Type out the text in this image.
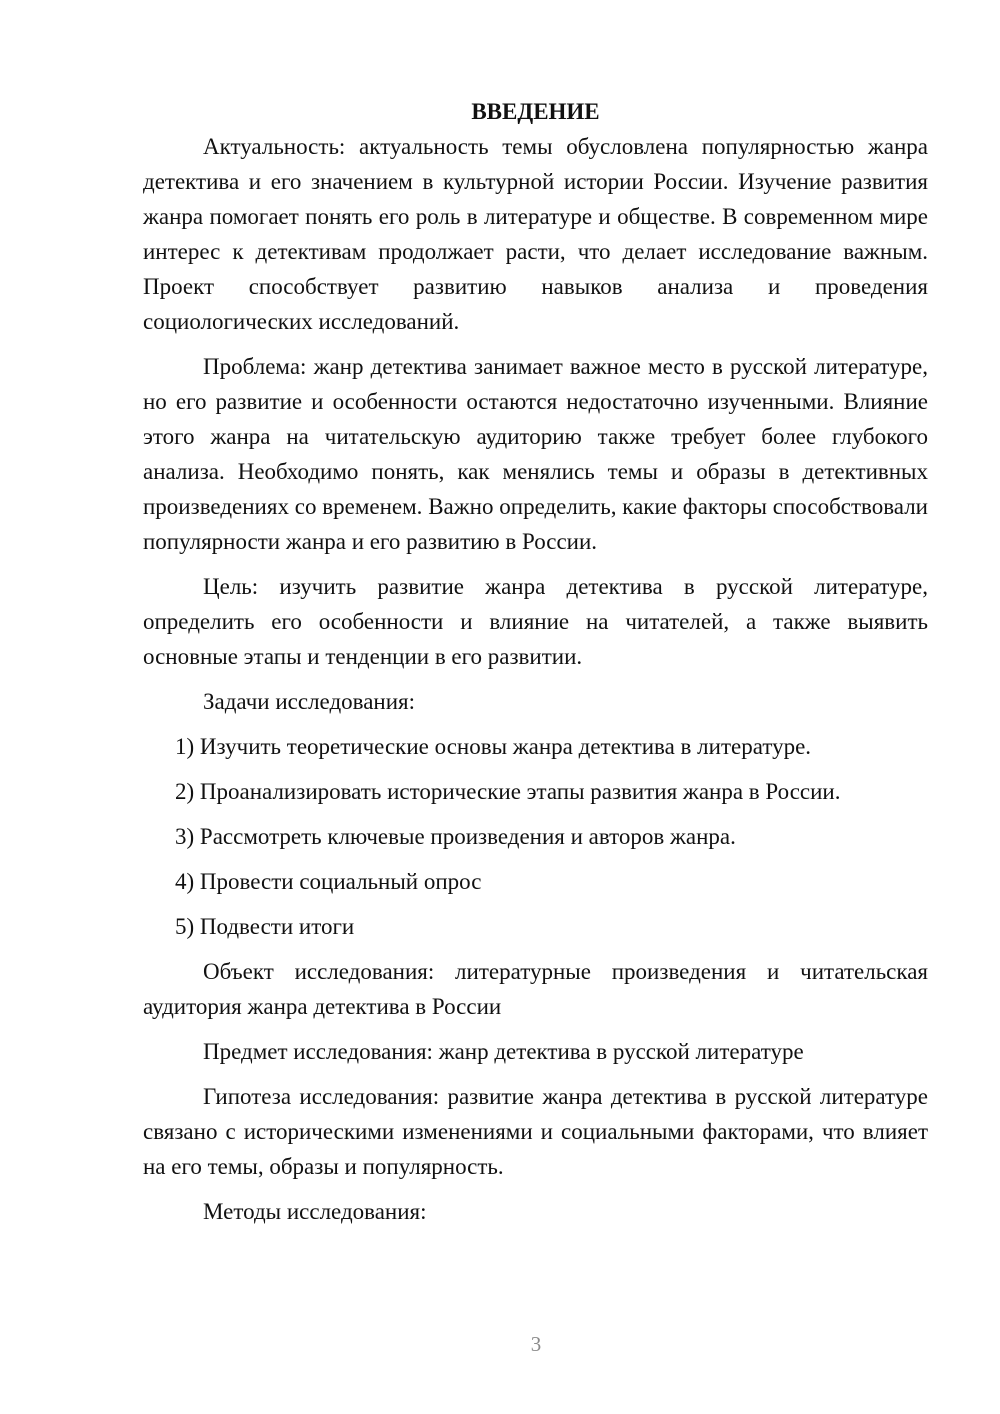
ВВЕДЕНИЕ

Актуальность: актуальность темы обусловлена популярностью жанра детектива и его значением в культурной истории России. Изучение развития жанра помогает понять его роль в литературе и обществе. В современном мире интерес к детективам продолжает расти, что делает исследование важным. Проект способствует развитию навыков анализа и проведения социологических исследований.

Проблема: жанр детектива занимает важное место в русской литературе, но его развитие и особенности остаются недостаточно изученными. Влияние этого жанра на читательскую аудиторию также требует более глубокого анализа. Необходимо понять, как менялись темы и образы в детективных произведениях со временем. Важно определить, какие факторы способствовали популярности жанра и его развитию в России.

Цель: изучить развитие жанра детектива в русской литературе, определить его особенности и влияние на читателей, а также выявить основные этапы и тенденции в его развитии.

Задачи исследования:

1) Изучить теоретические основы жанра детектива в литературе.
2) Проанализировать исторические этапы развития жанра в России.
3) Рассмотреть ключевые произведения и авторов жанра.
4) Провести социальный опрос
5) Подвести итоги

Объект исследования: литературные произведения и читательская аудитория жанра детектива в России

Предмет исследования: жанр детектива в русской литературе

Гипотеза исследования: развитие жанра детектива в русской литературе связано с историческими изменениями и социальными факторами, что влияет на его темы, образы и популярность.

Методы исследования:

3
